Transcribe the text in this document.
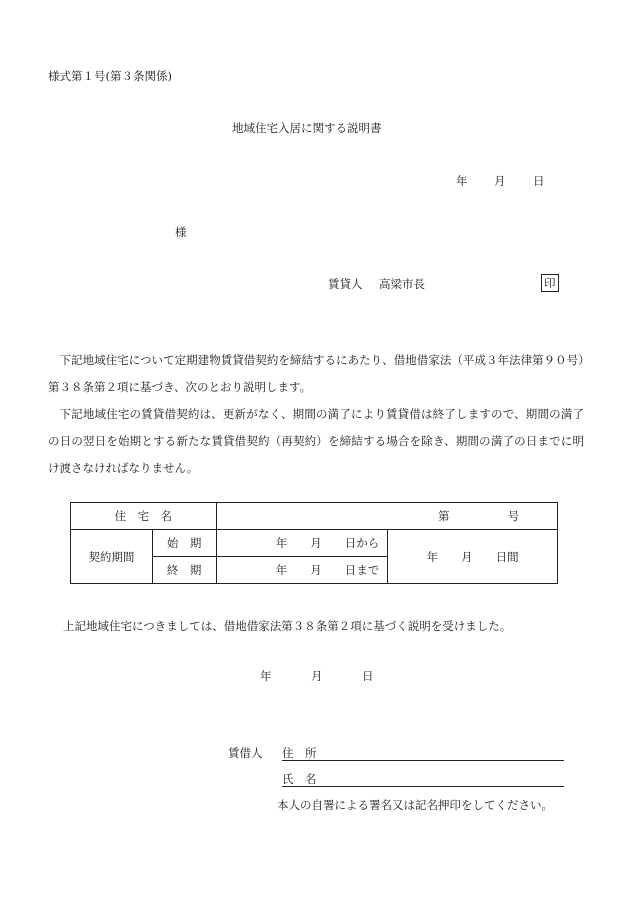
様式第１号(第３条関係)
地域住宅入居に関する説明書
年 月 日
様
賃貸人 高梁市長	印

下記地域住宅について定期建物賃貸借契約を締結するにあたり、借地借家法（平成３年法律第９０号）第３８条第２項に基づき、次のとおり説明します。

下記地域住宅の賃貸借契約は、更新がなく、期間の満了により賃貸借は終了しますので、期間の満了の日の翌日を始期とする新たな賃貸借契約（再契約）を締結する場合を除き、期間の満了の日までに明け渡さなければなりません。

住　宅　名		第 号	
契約期間	始　期	年　　月　　日から	年　　月　　日間
	終　期	年　　月　　日まで	
上記地域住宅につきましては、借地借家法第３８条第２項に基づく説明を受けました。
年	月	日
賃借人 住　所
氏　名
本人の自署による署名又は記名押印をしてください。
